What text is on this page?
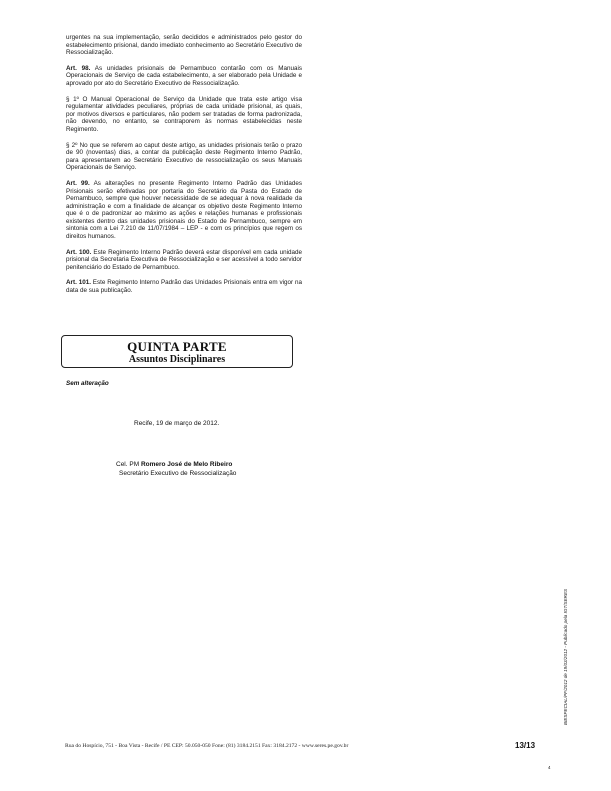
urgentes na sua implementação, serão decididos e administrados pelo gestor do estabelecimento prisional, dando imediato conhecimento ao Secretário Executivo de Ressocialização.

Art. 98. As unidades prisionais de Pernambuco contarão com os Manuais Operacionais de Serviço de cada estabelecimento, a ser elaborado pela Unidade e aprovado por ato do Secretário Executivo de Ressocialização.

§ 1º O Manual Operacional de Serviço da Unidade que trata este artigo visa regulamentar atividades peculiares, próprias de cada unidade prisional, as quais, por motivos diversos e particulares, não podem ser tratadas de forma padronizada, não devendo, no entanto, se contraporem às normas estabelecidas neste Regimento.

§ 2º No que se referem ao caput deste artigo, as unidades prisionais terão o prazo de 90 (noventas) dias, a contar da publicação deste Regimento Interno Padrão, para apresentarem ao Secretário Executivo de ressocialização os seus Manuais Operacionais de Serviço.

Art. 99. As alterações no presente Regimento Interno Padrão das Unidades Prisionais serão efetivadas por portaria do Secretário da Pasta do Estado de Pernambuco, sempre que houver necessidade de se adequar à nova realidade da administração e com a finalidade de alcançar os objetivo deste Regimento Interno que é o de padronizar ao máximo as ações e relações humanas e profissionais existentes dentro das unidades prisionais do Estado de Pernambuco, sempre em sintonia com a Lei 7.210 de 11/07/1984 – LEP - e com os princípios que regem os direitos humanos.

Art. 100. Este Regimento Interno Padrão deverá estar disponível em cada unidade prisional da Secretaria Executiva de Ressocialização e ser acessível a todo servidor penitenciário do Estado de Pernambuco.

Art. 101. Este Regimento Interno Padrão das Unidades Prisionais entra em vigor na data de sua publicação.

QUINTA PARTE
Assuntos Disciplinares
Sem alteração
Recife, 19 de março de 2012.
Cel. PM Romero José de Melo Ribeiro
Secretário Executivo de Ressocialização
BIESPECIAL/PF/2012 de 19/03/2012 - Publicado pela IGT/SERES
Rua do Hospício, 751 - Boa Vista - Recife / PE CEP: 50.050-050 Fone: (81) 3184.2151 Fax: 3184.2172 - www.seres.pe.gov.br	13/13
4
